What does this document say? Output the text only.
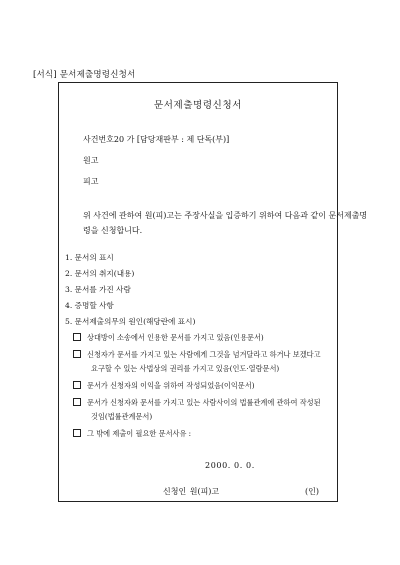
[서식] 문서제출명령신청서
문서제출명령신청서
사건번호20 가 [담당재판부 : 제 단독(부)]
원고
피고
위 사건에 관하여 원(피)고는 주장사실을 입증하기 위하여 다음과 같이 문서제출명
령을 신청합니다.
1. 문서의 표시
2. 문서의 취지(내용)
3. 문서를 가진 사람
4. 증명할 사항
5. 문서제출의무의 원인(해당란에 표시)
상대방이 소송에서 인용한 문서를 가지고 있음(인용문서)
신청자가 문서를 가지고 있는 사람에게 그것을 넘겨달라고 하거나 보겠다고
요구할 수 있는 사법상의 권리를 가지고 있음(인도·열람문서)
문서가 신청자의 이익을 위하여 작성되었음(이익문서)
문서가 신청자와 문서를 가지고 있는 사람사이의 법률관계에 관하여 작성된
것임(법률관계문서)
그 밖에 제출이 필요한 문서사유 :
2000. 0. 0.
신청인 원(피)고	(인)
